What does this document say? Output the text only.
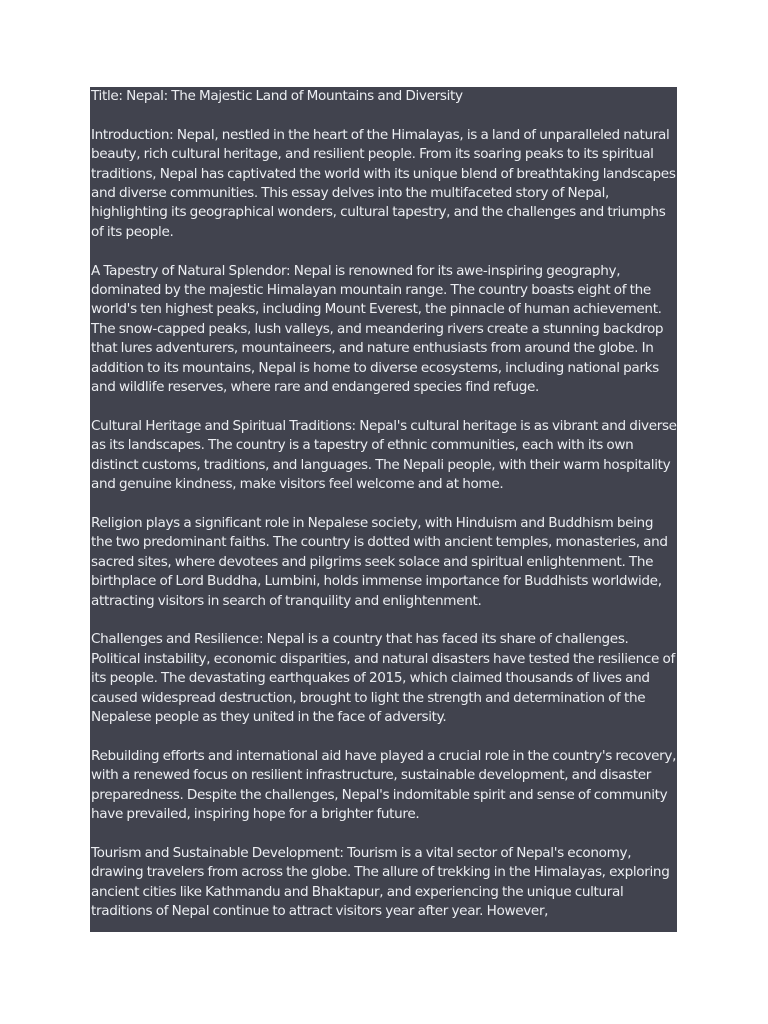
Title: Nepal: The Majestic Land of Mountains and Diversity

Introduction: Nepal, nestled in the heart of the Himalayas, is a land of unparalleled natural beauty, rich cultural heritage, and resilient people. From its soaring peaks to its spiritual traditions, Nepal has captivated the world with its unique blend of breathtaking landscapes and diverse communities. This essay delves into the multifaceted story of Nepal, highlighting its geographical wonders, cultural tapestry, and the challenges and triumphs of its people.

A Tapestry of Natural Splendor: Nepal is renowned for its awe-inspiring geography, dominated by the majestic Himalayan mountain range. The country boasts eight of the world's ten highest peaks, including Mount Everest, the pinnacle of human achievement. The snow-capped peaks, lush valleys, and meandering rivers create a stunning backdrop that lures adventurers, mountaineers, and nature enthusiasts from around the globe. In addition to its mountains, Nepal is home to diverse ecosystems, including national parks and wildlife reserves, where rare and endangered species find refuge.

Cultural Heritage and Spiritual Traditions: Nepal's cultural heritage is as vibrant and diverse as its landscapes. The country is a tapestry of ethnic communities, each with its own distinct customs, traditions, and languages. The Nepali people, with their warm hospitality and genuine kindness, make visitors feel welcome and at home.

Religion plays a significant role in Nepalese society, with Hinduism and Buddhism being the two predominant faiths. The country is dotted with ancient temples, monasteries, and sacred sites, where devotees and pilgrims seek solace and spiritual enlightenment. The birthplace of Lord Buddha, Lumbini, holds immense importance for Buddhists worldwide, attracting visitors in search of tranquility and enlightenment.

Challenges and Resilience: Nepal is a country that has faced its share of challenges. Political instability, economic disparities, and natural disasters have tested the resilience of its people. The devastating earthquakes of 2015, which claimed thousands of lives and caused widespread destruction, brought to light the strength and determination of the Nepalese people as they united in the face of adversity.

Rebuilding efforts and international aid have played a crucial role in the country's recovery, with a renewed focus on resilient infrastructure, sustainable development, and disaster preparedness. Despite the challenges, Nepal's indomitable spirit and sense of community have prevailed, inspiring hope for a brighter future.

Tourism and Sustainable Development: Tourism is a vital sector of Nepal's economy, drawing travelers from across the globe. The allure of trekking in the Himalayas, exploring ancient cities like Kathmandu and Bhaktapur, and experiencing the unique cultural traditions of Nepal continue to attract visitors year after year. However,
